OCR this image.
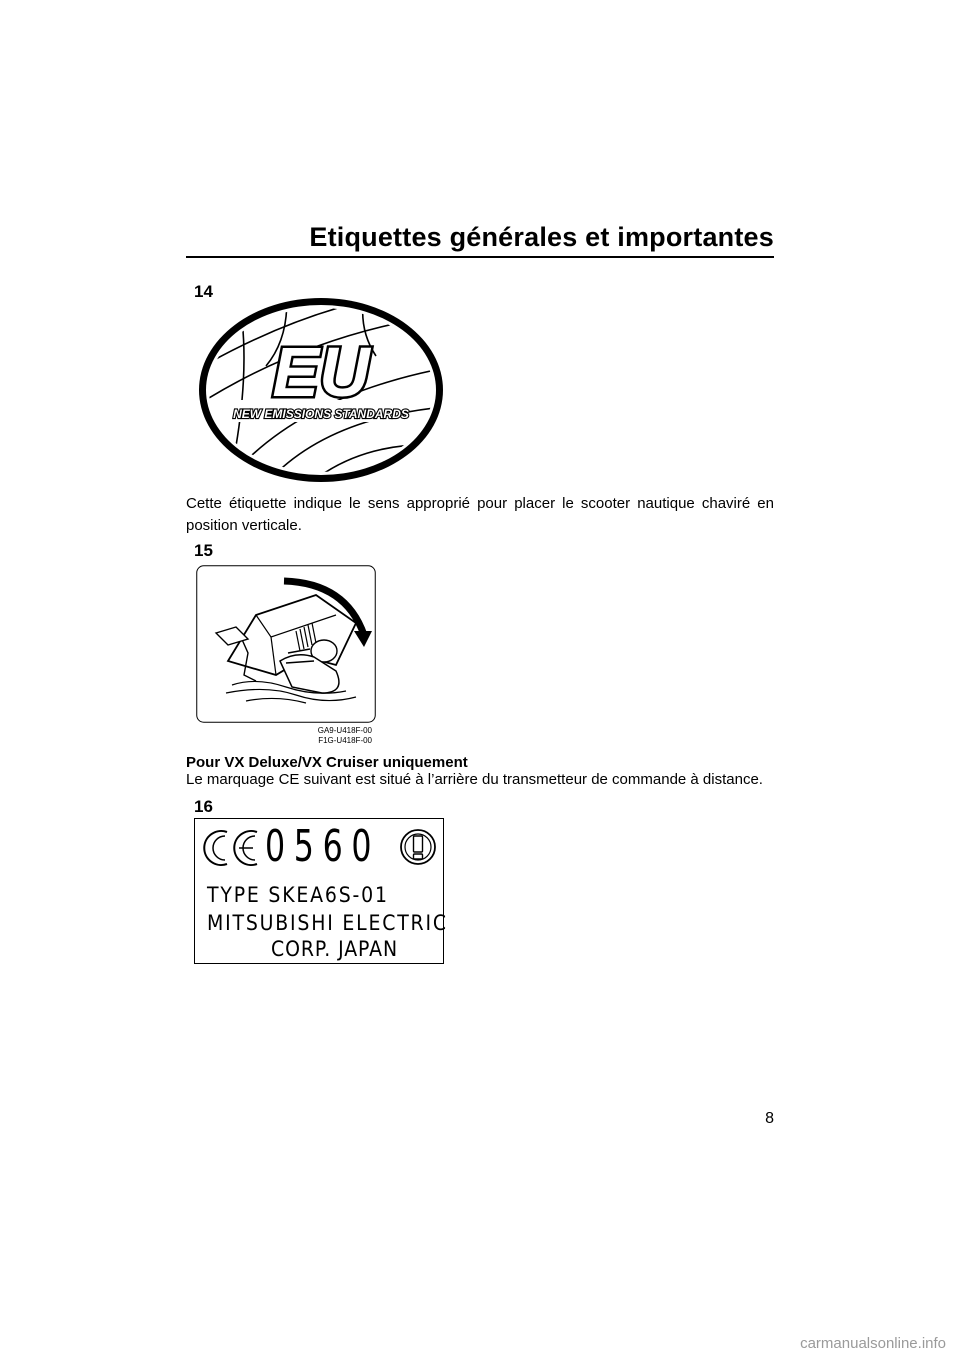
Etiquettes générales et importantes
14
EU
NEW EMISSIONS STANDARDS
Cette étiquette indique le sens approprié pour placer le scooter nautique chaviré en position verticale.
15
GA9-U418F-00
F1G-U418F-00
Pour VX Deluxe/VX Cruiser uniquement
Le marquage CE suivant est situé à l’arrière du transmetteur de commande à distance.
16
0560
TYPE SKEA6S-01
MITSUBISHI ELECTRIC
CORP. JAPAN
8
carmanualsonline.info
